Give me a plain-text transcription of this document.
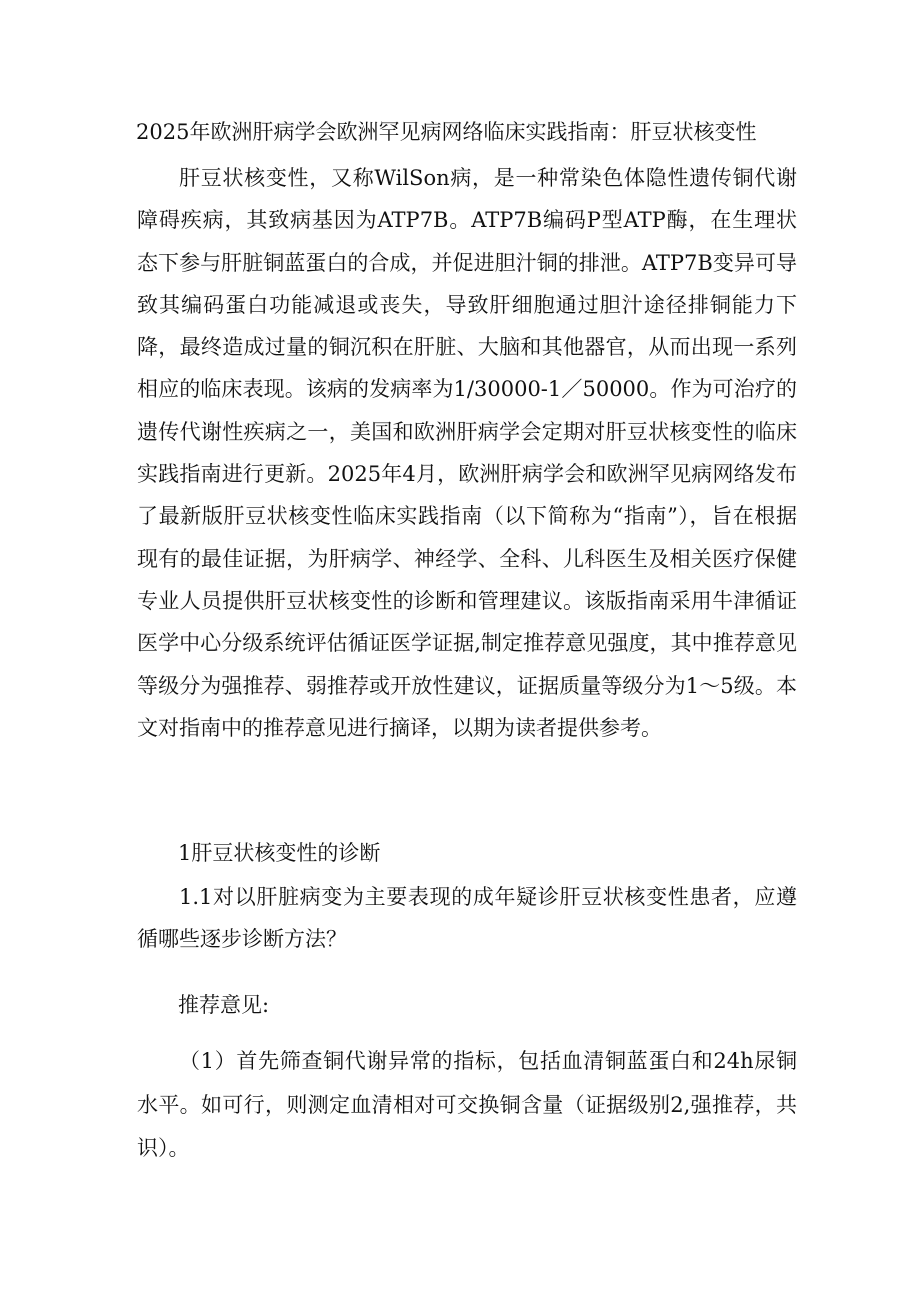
2025年欧洲肝病学会欧洲罕见病网络临床实践指南：肝豆状核变性

肝豆状核变性，又称WilSon病，是一种常染色体隐性遗传铜代谢障碍疾病，其致病基因为ATP7B。ATP7B编码P型ATP酶，在生理状态下参与肝脏铜蓝蛋白的合成，并促进胆汁铜的排泄。ATP7B变异可导致其编码蛋白功能减退或丧失，导致肝细胞通过胆汁途径排铜能力下降，最终造成过量的铜沉积在肝脏、大脑和其他器官，从而出现一系列相应的临床表现。该病的发病率为1/30000-1／50000。作为可治疗的遗传代谢性疾病之一，美国和欧洲肝病学会定期对肝豆状核变性的临床实践指南进行更新。2025年4月，欧洲肝病学会和欧洲罕见病网络发布了最新版肝豆状核变性临床实践指南（以下简称为“指南”），旨在根据现有的最佳证据，为肝病学、神经学、全科、儿科医生及相关医疗保健专业人员提供肝豆状核变性的诊断和管理建议。该版指南采用牛津循证医学中心分级系统评估循证医学证据,制定推荐意见强度，其中推荐意见等级分为强推荐、弱推荐或开放性建议，证据质量等级分为1～5级。本文对指南中的推荐意见进行摘译，以期为读者提供参考。

1肝豆状核变性的诊断

1.1对以肝脏病变为主要表现的成年疑诊肝豆状核变性患者，应遵循哪些逐步诊断方法？

推荐意见:

（1）首先筛查铜代谢异常的指标，包括血清铜蓝蛋白和24h尿铜水平。如可行，则测定血清相对可交换铜含量（证据级别2,强推荐，共识）。
